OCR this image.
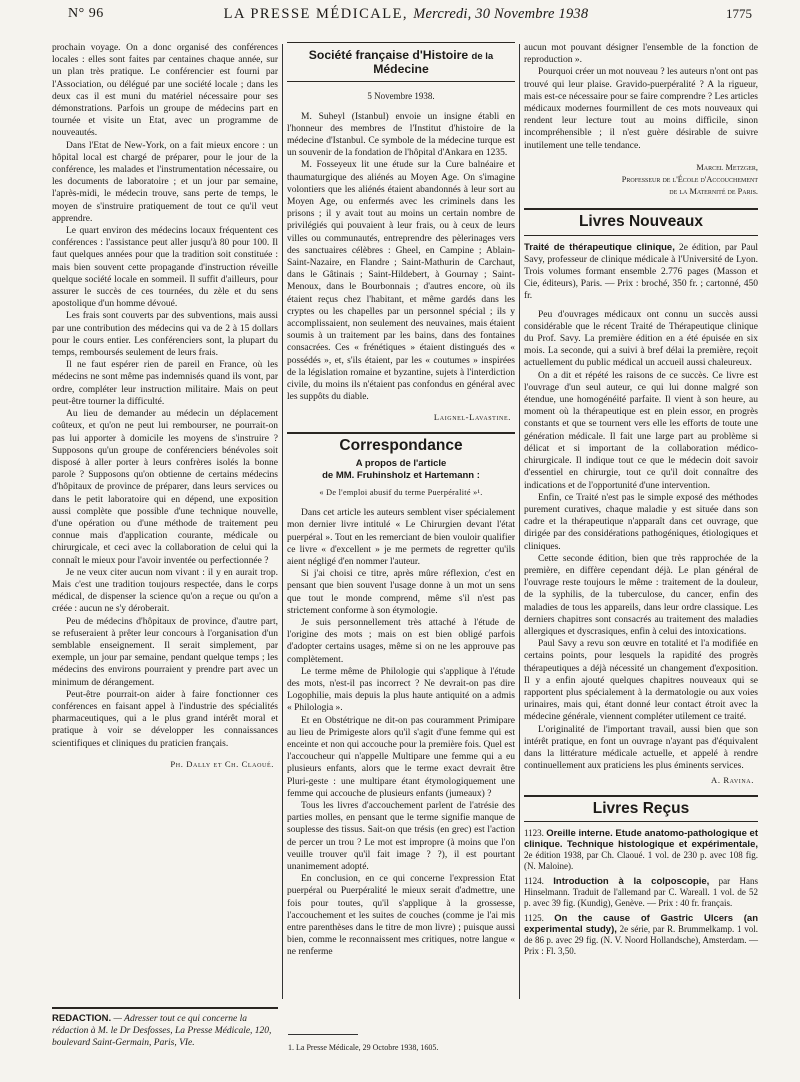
N° 96	LA PRESSE MÉDICALE, Mercredi, 30 Novembre 1938	1775

prochain voyage. On a donc organisé des conférences locales : elles sont faites par centaines chaque année, sur un plan très pratique. Le conférencier est fourni par l'Association, ou délégué par une société locale ; dans les deux cas il est muni du matériel nécessaire pour ses démonstrations. Parfois un groupe de médecins part en tournée et visite un Etat, avec un programme de nouveautés.

Dans l'Etat de New-York, on a fait mieux encore : un hôpital local est chargé de préparer, pour le jour de la conférence, les malades et l'instrumentation nécessaire, ou les documents de laboratoire ; et un jour par semaine, l'après-midi, le médecin trouve, sans perte de temps, le moyen de s'instruire pratiquement de tout ce qu'il veut apprendre.

Le quart environ des médecins locaux fréquentent ces conférences : l'assistance peut aller jusqu'à 80 pour 100. Il faut quelques années pour que la tradition soit constituée : mais bien souvent cette propagande d'instruction réveille quelque société locale en sommeil. Il suffit d'ailleurs, pour assurer le succès de ces tournées, du zèle et du sens apostolique d'un homme dévoué.

Les frais sont couverts par des subventions, mais aussi par une contribution des médecins qui va de 2 à 15 dollars pour le cours entier. Les conférenciers sont, la plupart du temps, remboursés seulement de leurs frais.

Il ne faut espérer rien de pareil en France, où les médecins ne sont même pas indemnisés quand ils vont, par ordre, compléter leur instruction militaire. Mais on peut peut-être tourner la difficulté.

Au lieu de demander au médecin un déplacement coûteux, et qu'on ne peut lui rembourser, ne pourrait-on pas lui apporter à domicile les moyens de s'instruire ? Supposons qu'un groupe de conférenciers bénévoles soit disposé à aller porter à leurs confrères isolés la bonne parole ? Supposons qu'on obtienne de certains médecins d'hôpitaux de province de préparer, dans leurs services ou dans le petit laboratoire qui en dépend, une exposition aussi complète que possible d'une technique nouvelle, d'une opération ou d'une méthode de traitement peu connue mais d'application courante, médicale ou chirurgicale, et ceci avec la collaboration de celui qui la connaît le mieux pour l'avoir inventée ou perfectionnée ?

Je ne veux citer aucun nom vivant : il y en aurait trop. Mais c'est une tradition toujours respectée, dans le corps médical, de dispenser la science qu'on a reçue ou qu'on a créée : aucun ne s'y déroberait.

Peu de médecins d'hôpitaux de province, d'autre part, se refuseraient à prêter leur concours à l'organisation d'un semblable enseignement. Il serait simplement, par exemple, un jour par semaine, pendant quelque temps ; les médecins des environs pourraient y prendre part avec un minimum de dérangement.

Peut-être pourrait-on aider à faire fonctionner ces conférences en faisant appel à l'industrie des spécialités pharmaceutiques, qui a le plus grand intérêt moral et pratique à voir se développer les connaissances scientifiques et cliniques du praticien français.

Ph. Dally et Ch. Claoué.
REDACTION. — Adresser tout ce qui concerne la rédaction à M. le Dr Desfosses, La Presse Médicale, 120, boulevard Saint-Germain, Paris, VIe.
Société française d'Histoire de la Médecine
5 Novembre 1938.

M. Suheyl (Istanbul) envoie un insigne établi en l'honneur des membres de l'Institut d'histoire de la médecine d'Istanbul. Ce symbole de la médecine turque est un souvenir de la fondation de l'hôpital d'Ankara en 1235.

M. Fosseyeux lit une étude sur la Cure balnéaire et thaumaturgique des aliénés au Moyen Age. On s'imagine volontiers que les aliénés étaient abandonnés à leur sort au Moyen Age, ou enfermés avec les criminels dans les prisons ; il y avait tout au moins un certain nombre de privilégiés qui pouvaient à leur frais, ou à ceux de leurs villes ou communautés, entreprendre des pèlerinages vers des sanctuaires célèbres : Gheel, en Campine ; Ablain-Saint-Nazaire, en Flandre ; Saint-Mathurin de Carchaut, dans le Gâtinais ; Saint-Hildebert, à Gournay ; Saint-Menoux, dans le Bourbonnais ; d'autres encore, où ils étaient reçus chez l'habitant, et même gardés dans les cryptes ou les chapelles par un personnel spécial ; ils y accomplissaient, non seulement des neuvaines, mais étaient soumis à un traitement par les bains, dans des fontaines consacrées. Ces « frénétiques » étaient distingués des « possédés », et, s'ils étaient, par les « coutumes » inspirées de la législation romaine et byzantine, sujets à l'interdiction civile, du moins ils n'étaient pas confondus en général avec les suppôts du diable.

Laignel-Lavastine.
Correspondance
A propos de l'article
de MM. Fruhinsholz et Hartemann :
« De l'emploi abusif du terme Puerpéralité »¹.

Dans cet article les auteurs semblent viser spécialement mon dernier livre intitulé « Le Chirurgien devant l'état puerpéral ». Tout en les remerciant de bien vouloir qualifier ce livre « d'excellent » je me permets de regretter qu'ils aient négligé d'en nommer l'auteur.

Si j'ai choisi ce titre, après mûre réflexion, c'est en pensant que bien souvent l'usage donne à un mot un sens que tout le monde comprend, même s'il n'est pas strictement conforme à son étymologie.

Je suis personnellement très attaché à l'étude de l'origine des mots ; mais on est bien obligé parfois d'adopter certains usages, même si on ne les approuve pas complètement.

Le terme même de Philologie qui s'applique à l'étude des mots, n'est-il pas incorrect ? Ne devrait-on pas dire Logophilie, mais depuis la plus haute antiquité on a admis « Philologia ».

Et en Obstétrique ne dit-on pas couramment Primipare au lieu de Primigeste alors qu'il s'agit d'une femme qui est enceinte et non qui accouche pour la première fois. Quel est l'accoucheur qui n'appelle Multipare une femme qui a eu plusieurs enfants, alors que le terme exact devrait être Pluri-geste : une multipare étant étymologiquement une femme qui accouche de plusieurs enfants (jumeaux) ?

Tous les livres d'accouchement parlent de l'atrésie des parties molles, en pensant que le terme signifie manque de souplesse des tissus. Sait-on que trésis (en grec) est l'action de percer un trou ? Le mot est impropre (à moins que l'on veuille trouver qu'il fait image ? ?), il est pourtant unanimement adopté.

En conclusion, en ce qui concerne l'expression Etat puerpéral ou Puerpéralité le mieux serait d'admettre, une fois pour toutes, qu'il s'applique à la grossesse, l'accouchement et les suites de couches (comme je l'ai mis entre parenthèses dans le titre de mon livre) ; puisque aussi bien, comme le reconnaissent mes critiques, notre langue « ne renferme

1. La Presse Médicale, 29 Octobre 1938, 1605.

aucun mot pouvant désigner l'ensemble de la fonction de reproduction ».

Pourquoi créer un mot nouveau ? les auteurs n'ont ont pas trouvé qui leur plaise. Gravido-puerpéralité ? A la rigueur, mais est-ce nécessaire pour se faire comprendre ? Les articles médicaux modernes fourmillent de ces mots nouveaux qui rendent leur lecture tout au moins difficile, sinon incompréhensible ; il n'est guère désirable de suivre inutilement une telle tendance.

Marcel Metzger,
Professeur de l'École d'Accouchement
de la Maternité de Paris.
Livres Nouveaux

Traité de thérapeutique clinique, 2e édition, par Paul Savy, professeur de clinique médicale à l'Université de Lyon. Trois volumes formant ensemble 2.776 pages (Masson et Cie, éditeurs), Paris. — Prix : broché, 350 fr. ; cartonné, 450 fr.

Peu d'ouvrages médicaux ont connu un succès aussi considérable que le récent Traité de Thérapeutique clinique du Prof. Savy. La première édition en a été épuisée en six mois. La seconde, qui a suivi à bref délai la première, reçoit actuellement du public médical un accueil aussi chaleureux.

On a dit et répété les raisons de ce succès. Ce livre est l'ouvrage d'un seul auteur, ce qui lui donne malgré son étendue, une homogénéité parfaite. Il vient à son heure, au moment où la thérapeutique est en plein essor, en progrès constants et que se tournent vers elle les efforts de toute une génération médicale. Il fait une large part au problème si délicat et si important de la collaboration médico-chirurgicale. Il indique tout ce que le médecin doit savoir d'essentiel en chirurgie, tout ce qu'il doit connaître des indications et de l'opportunité d'une intervention.

Enfin, ce Traité n'est pas le simple exposé des méthodes purement curatives, chaque maladie y est située dans son cadre et la thérapeutique n'apparaît dans cet ouvrage, que dirigée par des considérations pathogéniques, étiologiques et cliniques.

Cette seconde édition, bien que très rapprochée de la première, en diffère cependant déjà. Le plan général de l'ouvrage reste toujours le même : traitement de la douleur, de la syphilis, de la tuberculose, du cancer, enfin des maladies de tous les appareils, dans leur ordre classique. Les derniers chapitres sont consacrés au traitement des maladies allergiques et dyscrasiques, enfin à celui des intoxications.

Paul Savy a revu son œuvre en totalité et l'a modifiée en certains points, pour lesquels la rapidité des progrès thérapeutiques a déjà nécessité un changement d'exposition. Il y a enfin ajouté quelques chapitres nouveaux qui se rapportent plus spécialement à la dermatologie ou aux voies urinaires, mais qui, étant donné leur contact étroit avec la médecine générale, viennent compléter utilement ce traité.

L'originalité de l'important travail, aussi bien que son intérêt pratique, en font un ouvrage n'ayant pas d'équivalent dans la littérature médicale actuelle, et appelé à rendre continuellement aux praticiens les plus éminents services.

A. Ravina.
Livres Reçus
1123. Oreille interne. Etude anatomo-pathologique et clinique. Technique histologique et expérimentale, 2e édition 1938, par Ch. Claoué. 1 vol. de 230 p. avec 108 fig. (N. Maloine).
1124. Introduction à la colposcopie, par Hans Hinselmann. Traduit de l'allemand par C. Wareall. 1 vol. de 52 p. avec 39 fig. (Kundig), Genève. — Prix : 40 fr. français.
1125. On the cause of Gastric Ulcers (an experimental study), 2e série, par R. Brummelkamp. 1 vol. de 86 p. avec 29 fig. (N. V. Noord Hollandsche), Amsterdam. — Prix : Fl. 3,50.
